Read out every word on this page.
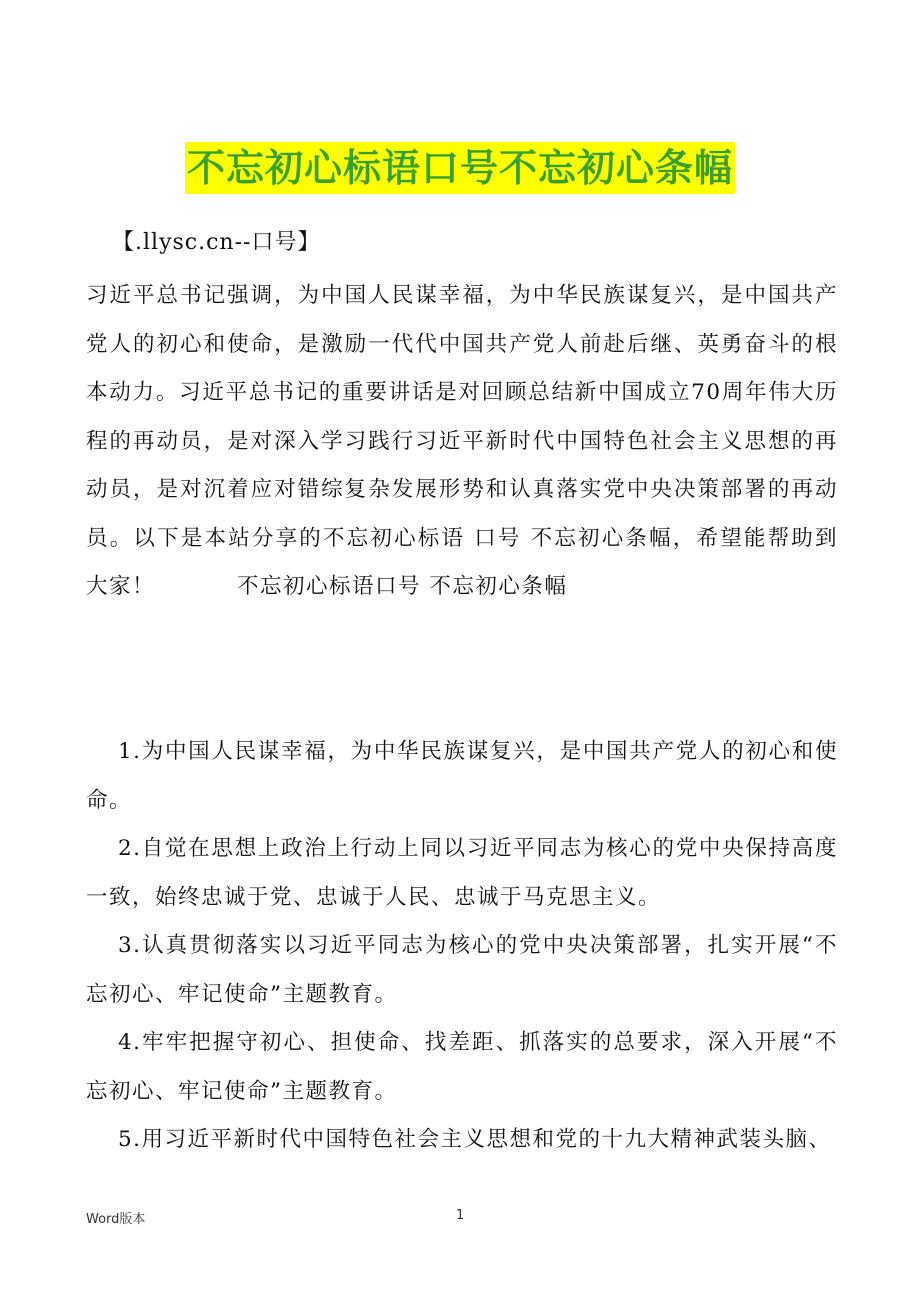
不忘初心标语口号不忘初心条幅
【.llysc.cn--口号】

习近平总书记强调，为中国人民谋幸福，为中华民族谋复兴，是中国共产党人的初心和使命，是激励一代代中国共产党人前赴后继、英勇奋斗的根本动力。习近平总书记的重要讲话是对回顾总结新中国成立70周年伟大历程的再动员，是对深入学习践行习近平新时代中国特色社会主义思想的再动员，是对沉着应对错综复杂发展形势和认真落实党中央决策部署的再动员。以下是本站分享的不忘初心标语 口号 不忘初心条幅，希望能帮助到大家！	不忘初心标语口号 不忘初心条幅

1.为中国人民谋幸福，为中华民族谋复兴，是中国共产党人的初心和使命。
2.自觉在思想上政治上行动上同以习近平同志为核心的党中央保持高度一致，始终忠诚于党、忠诚于人民、忠诚于马克思主义。
3.认真贯彻落实以习近平同志为核心的党中央决策部署，扎实开展“不忘初心、牢记使命”主题教育。
4.牢牢把握守初心、担使命、找差距、抓落实的总要求，深入开展“不忘初心、牢记使命”主题教育。
5.用习近平新时代中国特色社会主义思想和党的十九大精神武装头脑、
Word版本	1
